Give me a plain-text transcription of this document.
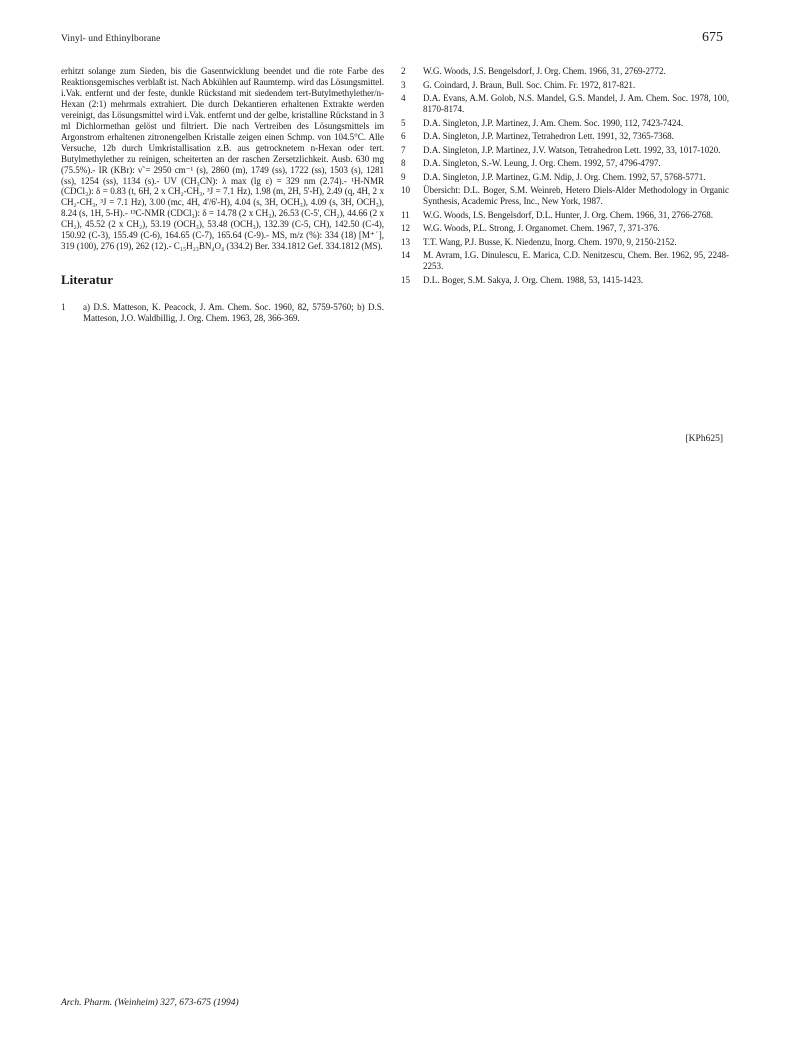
Vinyl- und Ethinylborane	675

erhitzt solange zum Sieden, bis die Gasentwicklung beendet und die rote Farbe des Reaktionsgemisches verblaßt ist. Nach Abkühlen auf Raumtemp. wird das Lösungsmittel. i.Vak. entfernt und der feste, dunkle Rückstand mit siedendem tert-Butylmethylether/n-Hexan (2:1) mehrmals extrahiert. Die durch Dekantieren erhaltenen Extrakte werden vereinigt, das Lösungsmittel wird i.Vak. entfernt und der gelbe, kristalline Rückstand in 3 ml Dichlormethan gelöst und filtriert. Die nach Vertreiben des Lösungsmittels im Argonstrom erhaltenen zitronengelben Kristalle zeigen einen Schmp. von 104.5°C. Alle Versuche, 12b durch Umkristallisation z.B. aus getrocknetem n-Hexan oder tert. Butylmethylether zu reinigen, scheiterten an der raschen Zersetzlichkeit. Ausb. 630 mg (75.5%).- IR (KBr): ν̃ = 2950 cm⁻¹ (s), 2860 (m), 1749 (ss), 1722 (ss), 1503 (s), 1281 (ss), 1254 (ss), 1134 (s).- UV (CH₃CN): λ max (lg ε) = 329 nm (2.74).- ¹H-NMR (CDCl₃): δ = 0.83 (t, 6H, 2 x CH₂-CH₃, ³J = 7.1 Hz), 1.98 (m, 2H, 5'-H), 2.49 (q, 4H, 2 x CH₂-CH₃, ³J = 7.1 Hz), 3.00 (mc, 4H, 4'/6'-H), 4.04 (s, 3H, OCH₃), 4.09 (s, 3H, OCH₃), 8.24 (s, 1H, 5-H).- ¹³C-NMR (CDCl₃): δ = 14.78 (2 x CH₃), 26.53 (C-5', CH₂), 44.66 (2 x CH₂), 45.52 (2 x CH₂), 53.19 (OCH₃), 53.48 (OCH₃), 132.39 (C-5, CH), 142.50 (C-4), 150.92 (C-3), 155.49 (C-6), 164.65 (C-7), 165.64 (C-9).- MS, m/z (%): 334 (18) [M⁺˙], 319 (100), 276 (19), 262 (12).- C₁₅H₂₃BN₄O₄ (334.2) Ber. 334.1812 Gef. 334.1812 (MS).

Literatur
1 a) D.S. Matteson, K. Peacock, J. Am. Chem. Soc. 1960, 82, 5759-5760; b) D.S. Matteson, J.O. Waldbillig, J. Org. Chem. 1963, 28, 366-369.
2 W.G. Woods, J.S. Bengelsdorf, J. Org. Chem. 1966, 31, 2769-2772.
3 G. Coindard, J. Braun, Bull. Soc. Chim. Fr. 1972, 817-821.
4 D.A. Evans, A.M. Golob, N.S. Mandel, G.S. Mandel, J. Am. Chem. Soc. 1978, 100, 8170-8174.
5 D.A. Singleton, J.P. Martinez, J. Am. Chem. Soc. 1990, 112, 7423-7424.
6 D.A. Singleton, J.P. Martinez, Tetrahedron Lett. 1991, 32, 7365-7368.
7 D.A. Singleton, J.P. Martinez, J.V. Watson, Tetrahedron Lett. 1992, 33, 1017-1020.
8 D.A. Singleton, S.-W. Leung, J. Org. Chem. 1992, 57, 4796-4797.
9 D.A. Singleton, J.P. Martinez, G.M. Ndip, J. Org. Chem. 1992, 57, 5768-5771.
10 Übersicht: D.L. Boger, S.M. Weinreb, Hetero Diels-Alder Methodology in Organic Synthesis, Academic Press, Inc., New York, 1987.
11 W.G. Woods, I.S. Bengelsdorf, D.L. Hunter, J. Org. Chem. 1966, 31, 2766-2768.
12 W.G. Woods, P.L. Strong, J. Organomet. Chem. 1967, 7, 371-376.
13 T.T. Wang, P.J. Busse, K. Niedenzu, Inorg. Chem. 1970, 9, 2150-2152.
14 M. Avram, I.G. Dinulescu, E. Marica, C.D. Nenitzescu, Chem. Ber. 1962, 95, 2248-2253.
15 D.L. Boger, S.M. Sakya, J. Org. Chem. 1988, 53, 1415-1423.
[KPh625]
Arch. Pharm. (Weinheim) 327, 673-675 (1994)
